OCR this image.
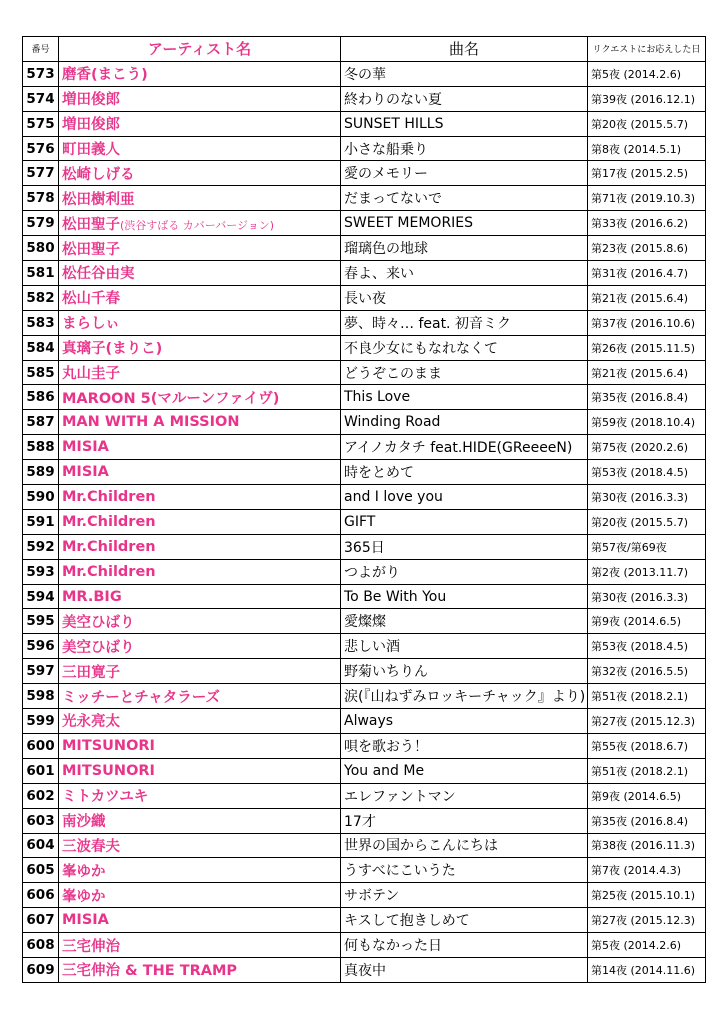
番号	アーティスト名	曲名	リクエストにお応えした日
573	磨香(まこう)	冬の華	第5夜 (2014.2.6)
574	増田俊郎	終わりのない夏	第39夜 (2016.12.1)
575	増田俊郎	SUNSET HILLS	第20夜 (2015.5.7)
576	町田義人	小さな船乗り	第8夜 (2014.5.1)
577	松崎しげる	愛のメモリー	第17夜 (2015.2.5)
578	松田樹利亜	だまってないで	第71夜 (2019.10.3)
579	松田聖子(渋谷すばる カバーバージョン)	SWEET MEMORIES	第33夜 (2016.6.2)
580	松田聖子	瑠璃色の地球	第23夜 (2015.8.6)
581	松任谷由実	春よ、来い	第31夜 (2016.4.7)
582	松山千春	長い夜	第21夜 (2015.6.4)
583	まらしぃ	夢、時々… feat. 初音ミク	第37夜 (2016.10.6)
584	真璃子(まりこ)	不良少女にもなれなくて	第26夜 (2015.11.5)
585	丸山圭子	どうぞこのまま	第21夜 (2015.6.4)
586	MAROON 5(マルーンファイヴ)	This Love	第35夜 (2016.8.4)
587	MAN WITH A MISSION	Winding Road	第59夜 (2018.10.4)
588	MISIA	アイノカタチ feat.HIDE(GReeeeN)	第75夜 (2020.2.6)
589	MISIA	時をとめて	第53夜 (2018.4.5)
590	Mr.Children	and I love you	第30夜 (2016.3.3)
591	Mr.Children	GIFT	第20夜 (2015.5.7)
592	Mr.Children	365日	第57夜/第69夜
593	Mr.Children	つよがり	第2夜 (2013.11.7)
594	MR.BIG	To Be With You	第30夜 (2016.3.3)
595	美空ひばり	愛燦燦	第9夜 (2014.6.5)
596	美空ひばり	悲しい酒	第53夜 (2018.4.5)
597	三田寛子	野菊いちりん	第32夜 (2016.5.5)
598	ミッチーとチャタラーズ	涙(『山ねずみロッキーチャック』より)	第51夜 (2018.2.1)
599	光永亮太	Always	第27夜 (2015.12.3)
600	MITSUNORI	唄を歌おう！	第55夜 (2018.6.7)
601	MITSUNORI	You and Me	第51夜 (2018.2.1)
602	ミトカツユキ	エレファントマン	第9夜 (2014.6.5)
603	南沙織	17才	第35夜 (2016.8.4)
604	三波春夫	世界の国からこんにちは	第38夜 (2016.11.3)
605	峯ゆか	うすべにこいうた	第7夜 (2014.4.3)
606	峯ゆか	サボテン	第25夜 (2015.10.1)
607	MISIA	キスして抱きしめて	第27夜 (2015.12.3)
608	三宅伸治	何もなかった日	第5夜 (2014.2.6)
609	三宅伸治 & THE TRAMP	真夜中	第14夜 (2014.11.6)
